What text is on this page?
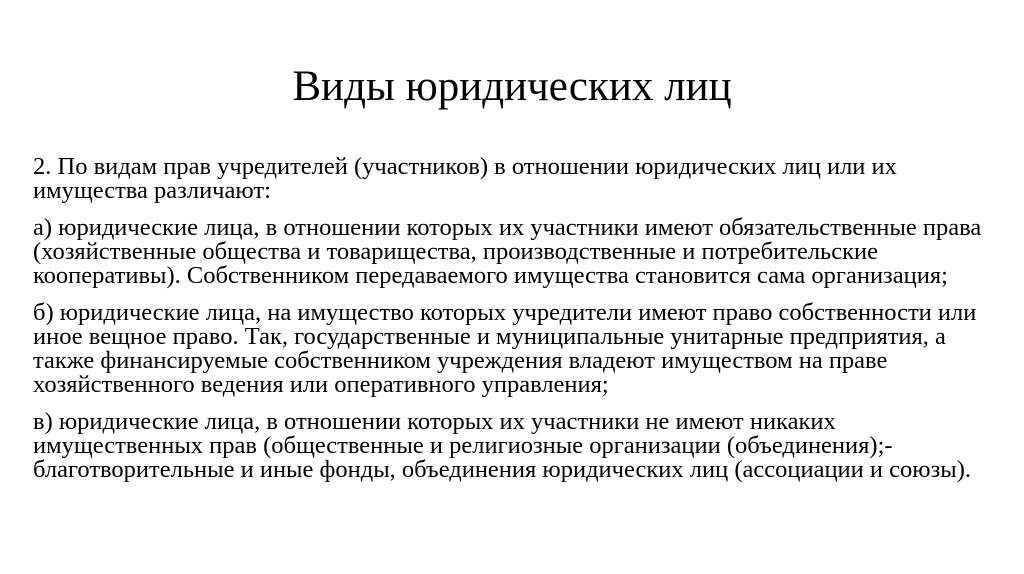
Виды юридических лиц

2. По видам прав учредителей (участников) в отношении юридических лиц или их имущества различают:

а) юридические лица, в отношении которых их участники имеют обязательственные права (хозяйственные общества и товарищества, производственные и потребительские кооперативы). Собственником передаваемого имущества становится сама организация;

б) юридические лица, на имущество которых учредители имеют право собственности или иное вещное право. Так, государственные и муниципальные унитарные предприятия, а также финансируемые собственником учреждения владеют имуществом на праве хозяйственного ведения или оперативного управления;

в) юридические лица, в отношении которых их участники не имеют никаких имущественных прав (общественные и религиозные организации (объединения);- благотворительные и иные фонды, объединения юридических лиц (ассоциации и союзы).
